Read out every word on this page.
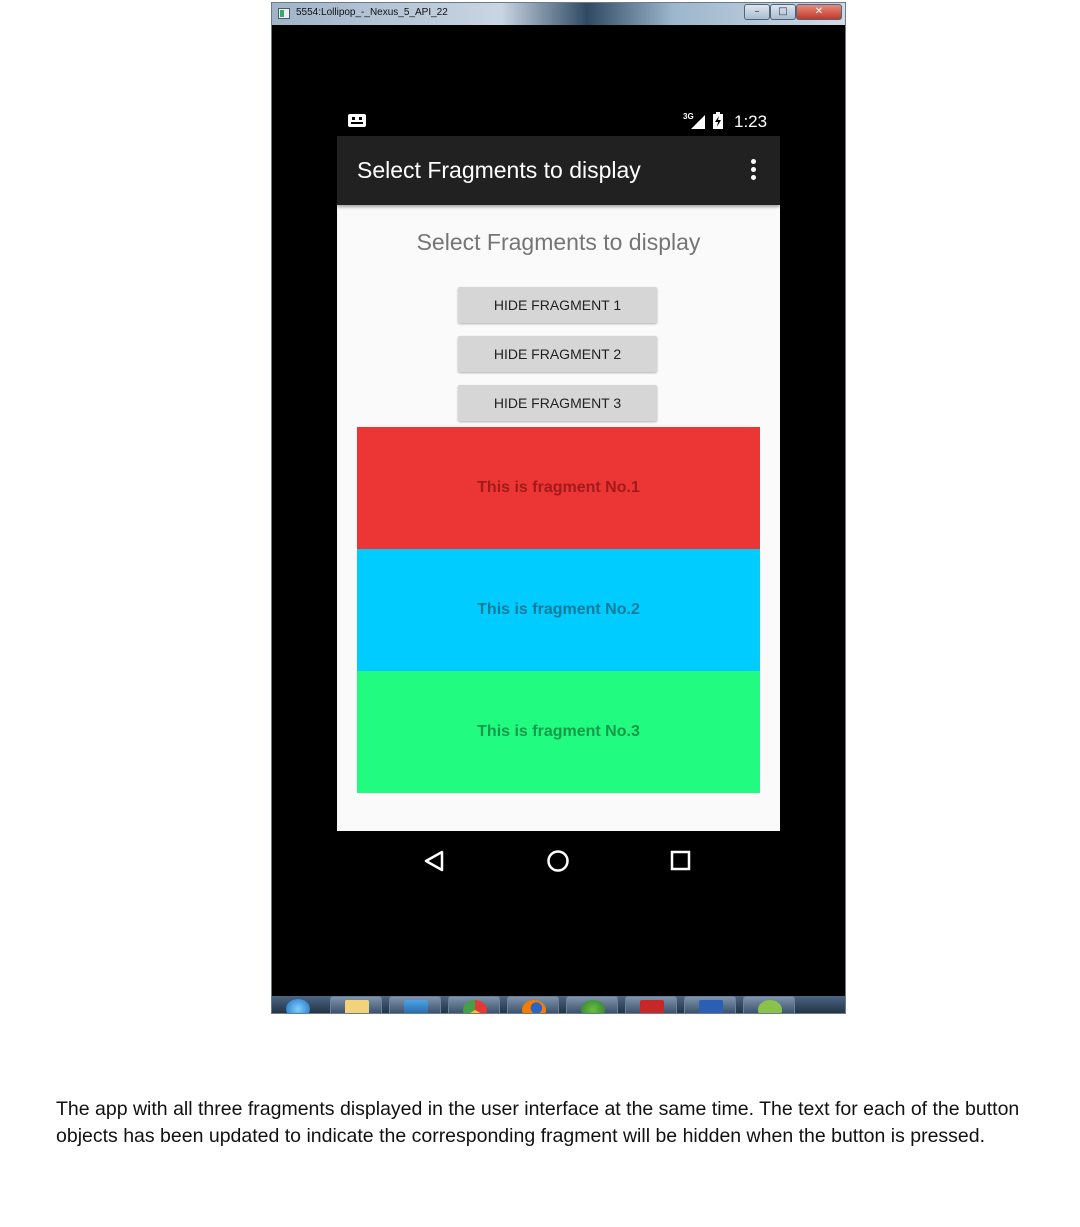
5554:Lollipop_-_Nexus_5_API_22	–	□	✕
3G 1:23
Select Fragments to display
Select Fragments to display
HIDE FRAGMENT 1
HIDE FRAGMENT 2
HIDE FRAGMENT 3
This is fragment No.1
This is fragment No.2
This is fragment No.3

The app with all three fragments displayed in the user interface at the same time. The text for each of the button objects has been updated to indicate the corresponding fragment will be hidden when the button is pressed.
